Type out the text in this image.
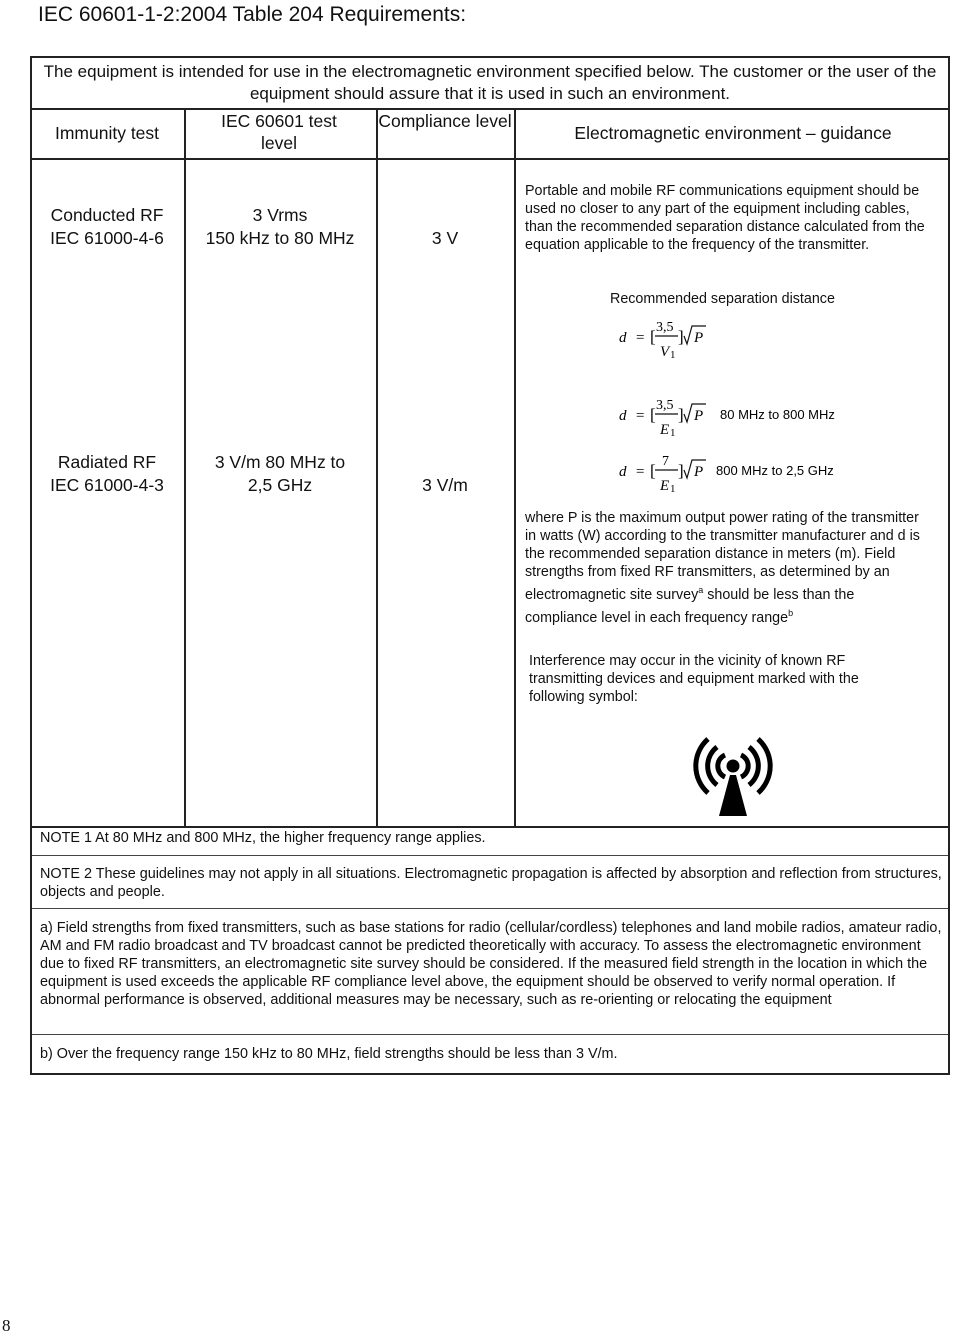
IEC 60601-1-2:2004 Table 204 Requirements:
The equipment is intended for use in the electromagnetic environment specified below. The customer or the user of the equipment should assure that it is used in such an environment.
Immunity test
IEC 60601 test level
Compliance level
Electromagnetic environment – guidance
Conducted RF
IEC 61000-4-6
3 Vrms
150 kHz to 80 MHz	3 V
Radiated RF
IEC 61000-4-3
3 V/m 80 MHz to
2,5 GHz	3 V/m
Portable and mobile RF communications equipment should be used no closer to any part of the equipment including cables, than the recommended separation distance calculated from the equation applicable to the frequency of the transmitter.
Recommended separation distance
d = [ 3,5
V 1
] P
d = [ 3,5
E 1
] P 80 MHz to 800 MHz
d = [ 7
E 1
] P 800 MHz to 2,5 GHz
where P is the maximum output power rating of the transmitter in watts (W) according to the transmitter manufacturer and d is the recommended separation distance in meters (m). Field strengths from fixed RF transmitters, as determined by an electromagnetic site survey$^a$ should be less than the compliance level in each frequency range$^b$
Interference may occur in the vicinity of known RF transmitting devices and equipment marked with the following symbol:
NOTE 1 At 80 MHz and 800 MHz, the higher frequency range applies.
NOTE 2 These guidelines may not apply in all situations. Electromagnetic propagation is affected by absorption and reflection from structures, objects and people.
a) Field strengths from fixed transmitters, such as base stations for radio (cellular/cordless) telephones and land mobile radios, amateur radio, AM and FM radio broadcast and TV broadcast cannot be predicted theoretically with accuracy. To assess the electromagnetic environment due to fixed RF transmitters, an electromagnetic site survey should be considered. If the measured field strength in the location in which the equipment is used exceeds the applicable RF compliance level above, the equipment should be observed to verify normal operation. If abnormal performance is observed, additional measures may be necessary, such as re-orienting or relocating the equipment
b) Over the frequency range 150 kHz to 80 MHz, field strengths should be less than 3 V/m.
8
